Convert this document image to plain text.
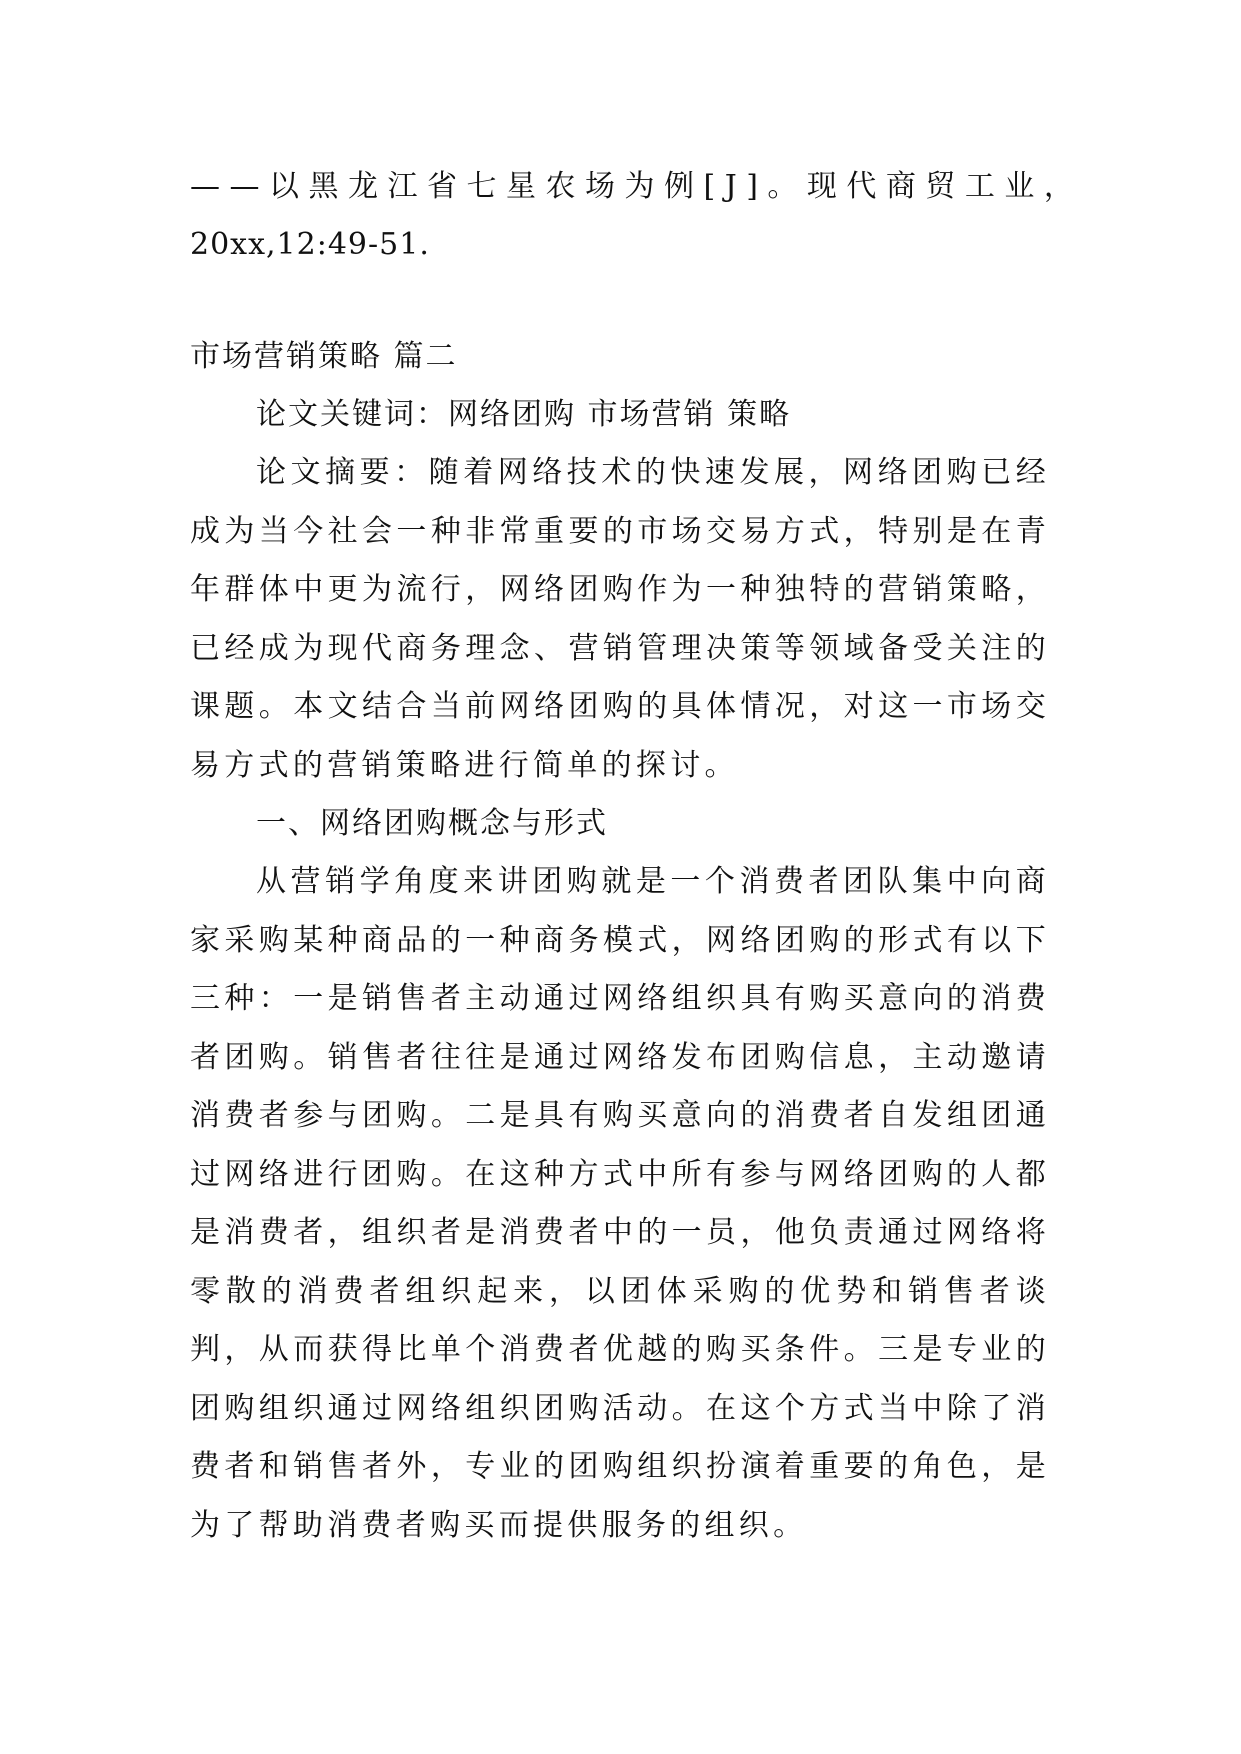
——以黑龙江省七星农场为例[J]。现代商贸工业，
20xx,12:49-51.
市场营销策略 篇二
论文关键词：网络团购 市场营销 策略

论文摘要：随着网络技术的快速发展，网络团购已经成为当今社会一种非常重要的市场交易方式，特别是在青年群体中更为流行，网络团购作为一种独特的营销策略，已经成为现代商务理念、营销管理决策等领域备受关注的课题。本文结合当前网络团购的具体情况，对这一市场交易方式的营销策略进行简单的探讨。

一、网络团购概念与形式

从营销学角度来讲团购就是一个消费者团队集中向商家采购某种商品的一种商务模式，网络团购的形式有以下三种：一是销售者主动通过网络组织具有购买意向的消费者团购。销售者往往是通过网络发布团购信息，主动邀请消费者参与团购。二是具有购买意向的消费者自发组团通过网络进行团购。在这种方式中所有参与网络团购的人都是消费者，组织者是消费者中的一员，他负责通过网络将零散的消费者组织起来，以团体采购的优势和销售者谈判，从而获得比单个消费者优越的购买条件。三是专业的团购组织通过网络组织团购活动。在这个方式当中除了消费者和销售者外，专业的团购组织扮演着重要的角色，是为了帮助消费者购买而提供服务的组织。
